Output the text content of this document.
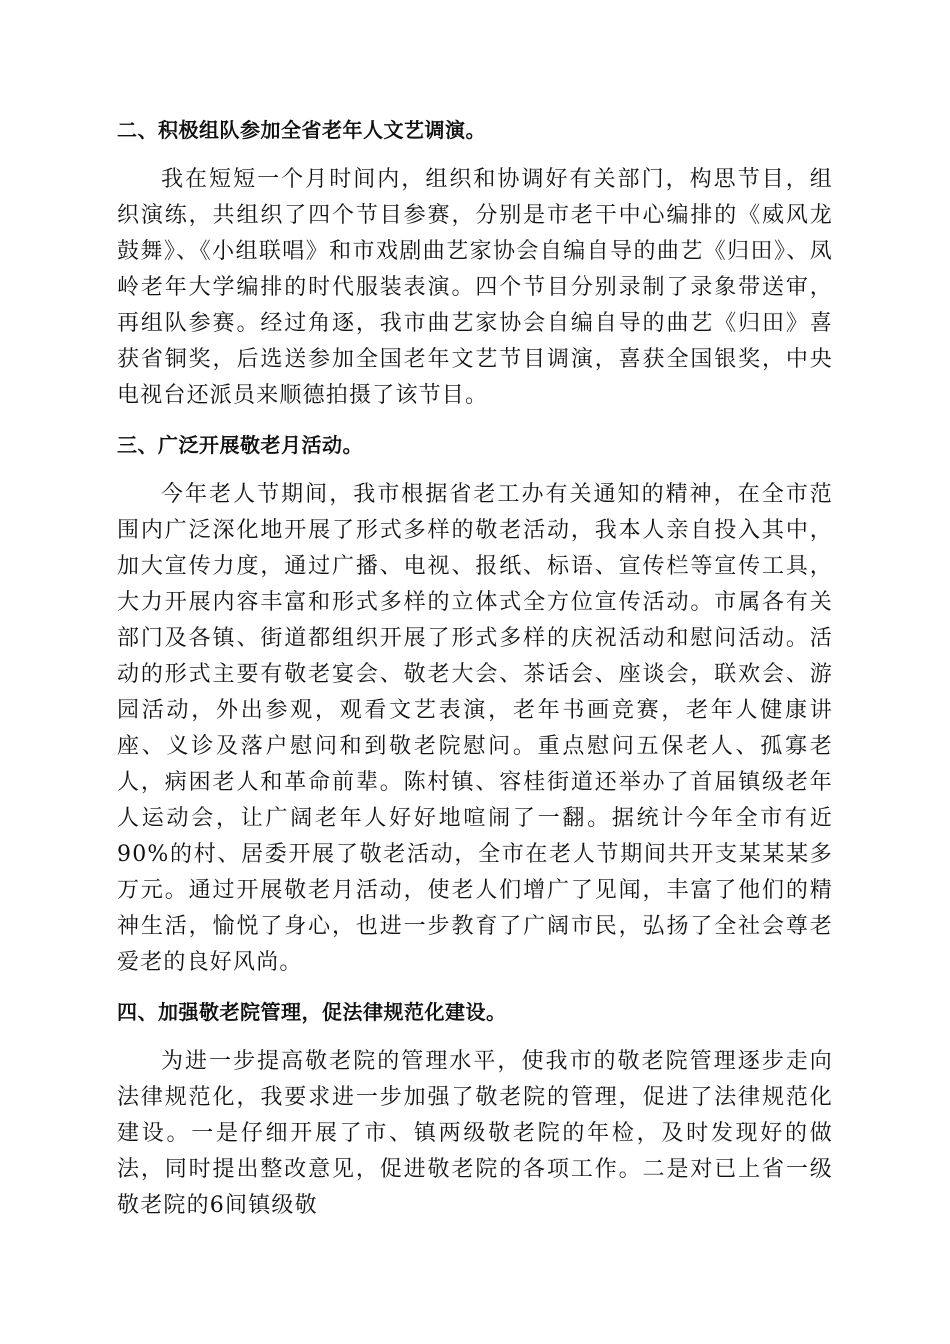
二、积极组队参加全省老年人文艺调演。

我在短短一个月时间内，组织和协调好有关部门，构思节目，组织演练，共组织了四个节目参赛，分别是市老干中心编排的《威风龙鼓舞》、《小组联唱》和市戏剧曲艺家协会自编自导的曲艺《归田》、凤岭老年大学编排的时代服装表演。四个节目分别录制了录象带送审，再组队参赛。经过角逐，我市曲艺家协会自编自导的曲艺《归田》喜获省铜奖，后选送参加全国老年文艺节目调演，喜获全国银奖，中央电视台还派员来顺德拍摄了该节目。

三、广泛开展敬老月活动。

今年老人节期间，我市根据省老工办有关通知的精神，在全市范围内广泛深化地开展了形式多样的敬老活动，我本人亲自投入其中，加大宣传力度，通过广播、电视、报纸、标语、宣传栏等宣传工具，大力开展内容丰富和形式多样的立体式全方位宣传活动。市属各有关部门及各镇、街道都组织开展了形式多样的庆祝活动和慰问活动。活动的形式主要有敬老宴会、敬老大会、茶话会、座谈会，联欢会、游园活动，外出参观，观看文艺表演，老年书画竞赛，老年人健康讲座、义诊及落户慰问和到敬老院慰问。重点慰问五保老人、孤寡老人，病困老人和革命前辈。陈村镇、容桂街道还举办了首届镇级老年人运动会，让广阔老年人好好地喧闹了一翻。据统计今年全市有近90%的村、居委开展了敬老活动，全市在老人节期间共开支某某某多万元。通过开展敬老月活动，使老人们增广了见闻，丰富了他们的精神生活，愉悦了身心，也进一步教育了广阔市民，弘扬了全社会尊老爱老的良好风尚。

四、加强敬老院管理，促法律规范化建设。

为进一步提高敬老院的管理水平，使我市的敬老院管理逐步走向法律规范化，我要求进一步加强了敬老院的管理，促进了法律规范化建设。一是仔细开展了市、镇两级敬老院的年检，及时发现好的做法，同时提出整改意见，促进敬老院的各项工作。二是对已上省一级敬老院的6间镇级敬
